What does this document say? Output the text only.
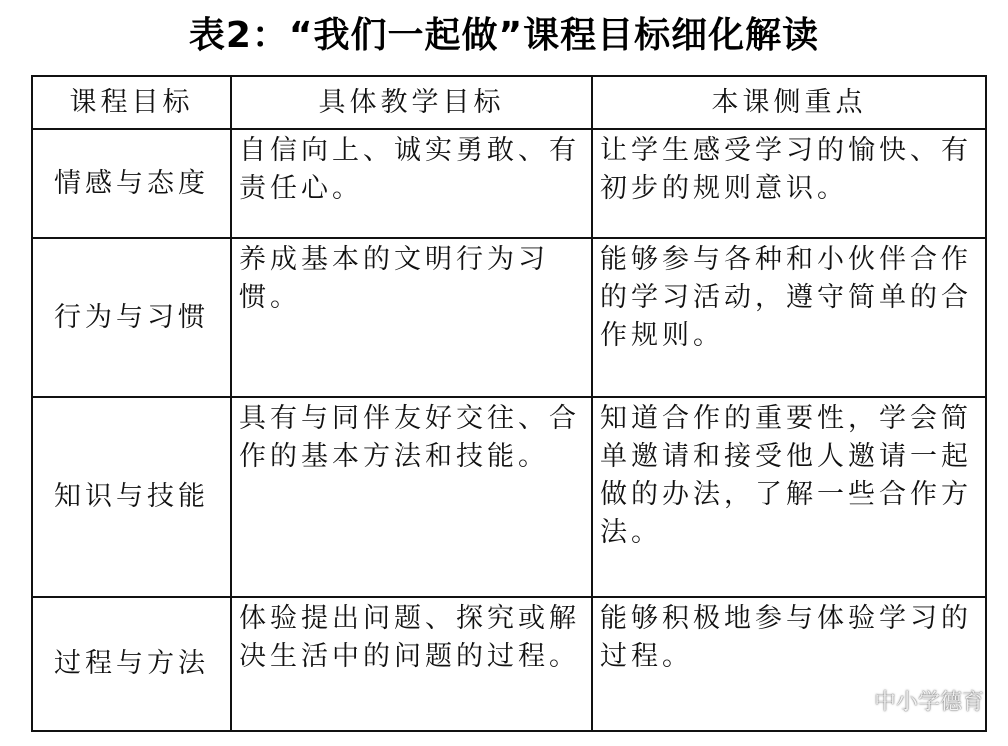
表2：“我们一起做”课程目标细化解读
课程目标	具体教学目标	本课侧重点
情感与态度	自信向上、诚实勇敢、有责任心。	让学生感受学习的愉快、有初步的规则意识。
行为与习惯	养成基本的文明行为习惯。	能够参与各种和小伙伴合作的学习活动，遵守简单的合作规则。
知识与技能	具有与同伴友好交往、合作的基本方法和技能。	知道合作的重要性，学会简单邀请和接受他人邀请一起做的办法，了解一些合作方法。
过程与方法	体验提出问题、探究或解决生活中的问题的过程。	能够积极地参与体验学习的过程。
中小学德育
